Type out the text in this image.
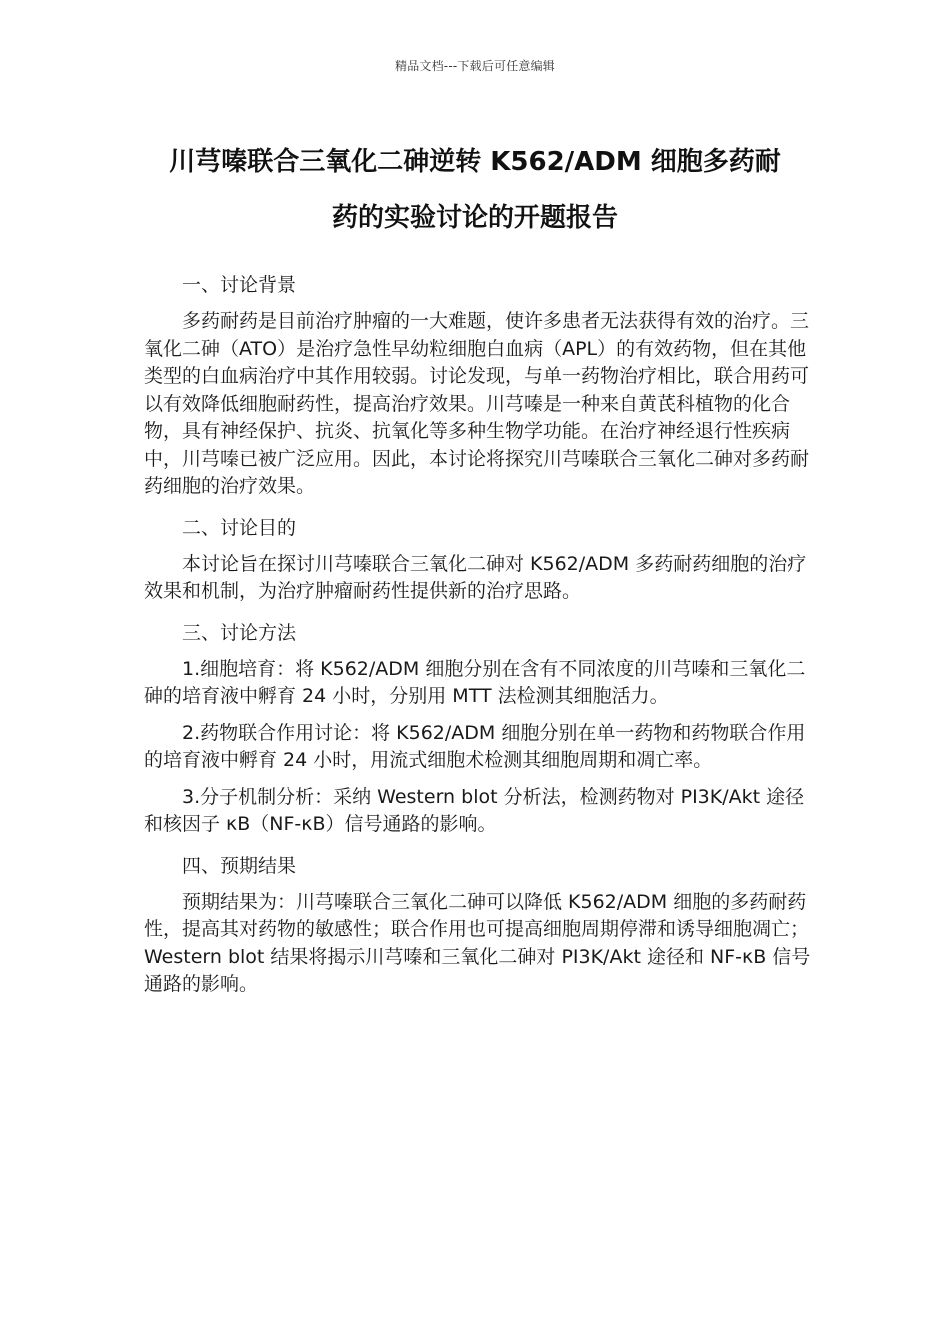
精品文档---下载后可任意编辑
川芎嗪联合三氧化二砷逆转 K562/ADM 细胞多药耐
药的实验讨论的开题报告

一、讨论背景

多药耐药是目前治疗肿瘤的一大难题，使许多患者无法获得有效的治疗。三氧化二砷（ATO）是治疗急性早幼粒细胞白血病（APL）的有效药物，但在其他类型的白血病治疗中其作用较弱。讨论发现，与单一药物治疗相比，联合用药可以有效降低细胞耐药性，提高治疗效果。川芎嗪是一种来自黄芪科植物的化合物，具有神经保护、抗炎、抗氧化等多种生物学功能。在治疗神经退行性疾病中，川芎嗪已被广泛应用。因此，本讨论将探究川芎嗪联合三氧化二砷对多药耐药细胞的治疗效果。

二、讨论目的

本讨论旨在探讨川芎嗪联合三氧化二砷对 K562/ADM 多药耐药细胞的治疗效果和机制，为治疗肿瘤耐药性提供新的治疗思路。

三、讨论方法

1.细胞培育：将 K562/ADM 细胞分别在含有不同浓度的川芎嗪和三氧化二砷的培育液中孵育 24 小时，分别用 MTT 法检测其细胞活力。

2.药物联合作用讨论：将 K562/ADM 细胞分别在单一药物和药物联合作用的培育液中孵育 24 小时，用流式细胞术检测其细胞周期和凋亡率。

3.分子机制分析：采纳 Western blot 分析法，检测药物对 PI3K/Akt 途径和核因子 κB（NF-κB）信号通路的影响。

四、预期结果

预期结果为：川芎嗪联合三氧化二砷可以降低 K562/ADM 细胞的多药耐药性，提高其对药物的敏感性；联合作用也可提高细胞周期停滞和诱导细胞凋亡；Western blot 结果将揭示川芎嗪和三氧化二砷对 PI3K/Akt 途径和 NF-κB 信号通路的影响。
